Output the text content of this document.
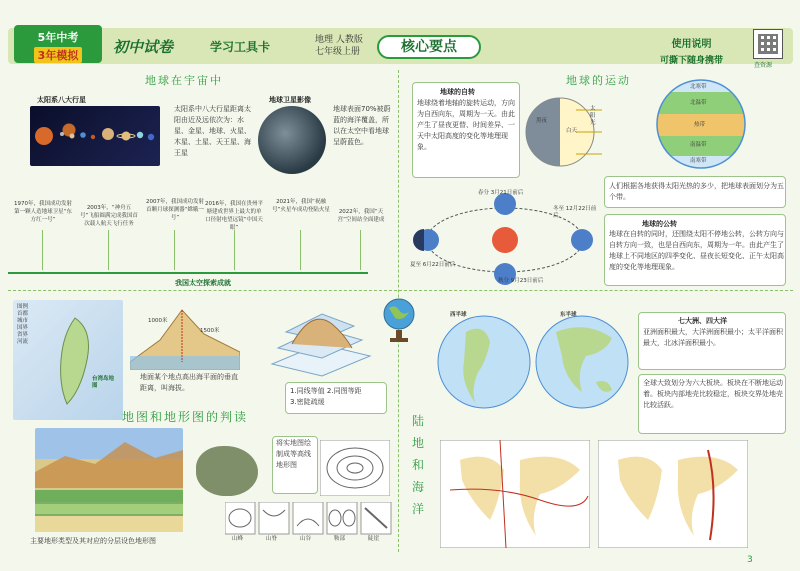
5年中考
3年模拟	初中试卷	学习工具卡	地理 人教版
七年级上册	核心要点	使用说明
可撕下随身携带	查资源
地球在宇宙中
太阳系八大行星
太阳系中八大行星距离太阳由近及远依次为：水星、金星、地球、火星、木星、土星、天王星、海王星
地球卫星影像
地球表面70%被蔚蓝的海洋覆盖，所以在太空中看地球呈蔚蓝色。
1970年，我国成功发射第一颗人造地球卫星“东方红一号”
2003年，“神舟五号”飞船圆满完成我国首次载人航天飞行任务
2007年，我国成功发射首颗月球探测器“嫦娥一号”
2016年，我国在贵州平塘建成世界上最大的单口径射电望远镜“中国天眼”
2021年，我国“祝融号”火星车成功登陆火星	2022年，我国“天宫”空间站全面建成
我国太空探索成就
地球的运动
地球的自转
地球绕着地轴的旋转运动，方向为自西向东，周期为一天。由此产生了昼夜更替、时间差异、一天中太阳高度的变化等地理现象。
黑夜
白天
太阳光
北寒带
北温带
热带
南温带
南寒带
人们根据各地获得太阳光热的多少，把地球表面划分为五个带。
春分 3月21日前后
夏至 6月22日前后
秋分 9月23日前后
冬至 12月22日前后
地球的公转
地球在自转的同时，还围绕太阳不停地公转，公转方向与自转方向一致，也是自西向东，周期为一年。由此产生了地球上不同地区的四季变化、昼夜长短变化、正午太阳高度的变化等地理现象。
图例
首都
城市
国界
省界
河流
台湾岛地图
1000米
1500米
地面某个地点高出海平面的垂直距离，叫海拔。	1.同线等值 2.同图等距
3.密陡疏缓
地图和地形图的判读
主要地形类型及其对应的分层设色地形图
将实地图绘制成等高线地形图
山峰	山脊	山谷	鞍部	陡崖
西半球	东半球
七大洲、四大洋
亚洲面积最大，大洋洲面积最小；太平洋面积最大，北冰洋面积最小。
全球大致划分为六大板块。板块在不断地运动着。板块内部地壳比较稳定，板块交界处地壳比较活跃。
陆地和海洋
3
